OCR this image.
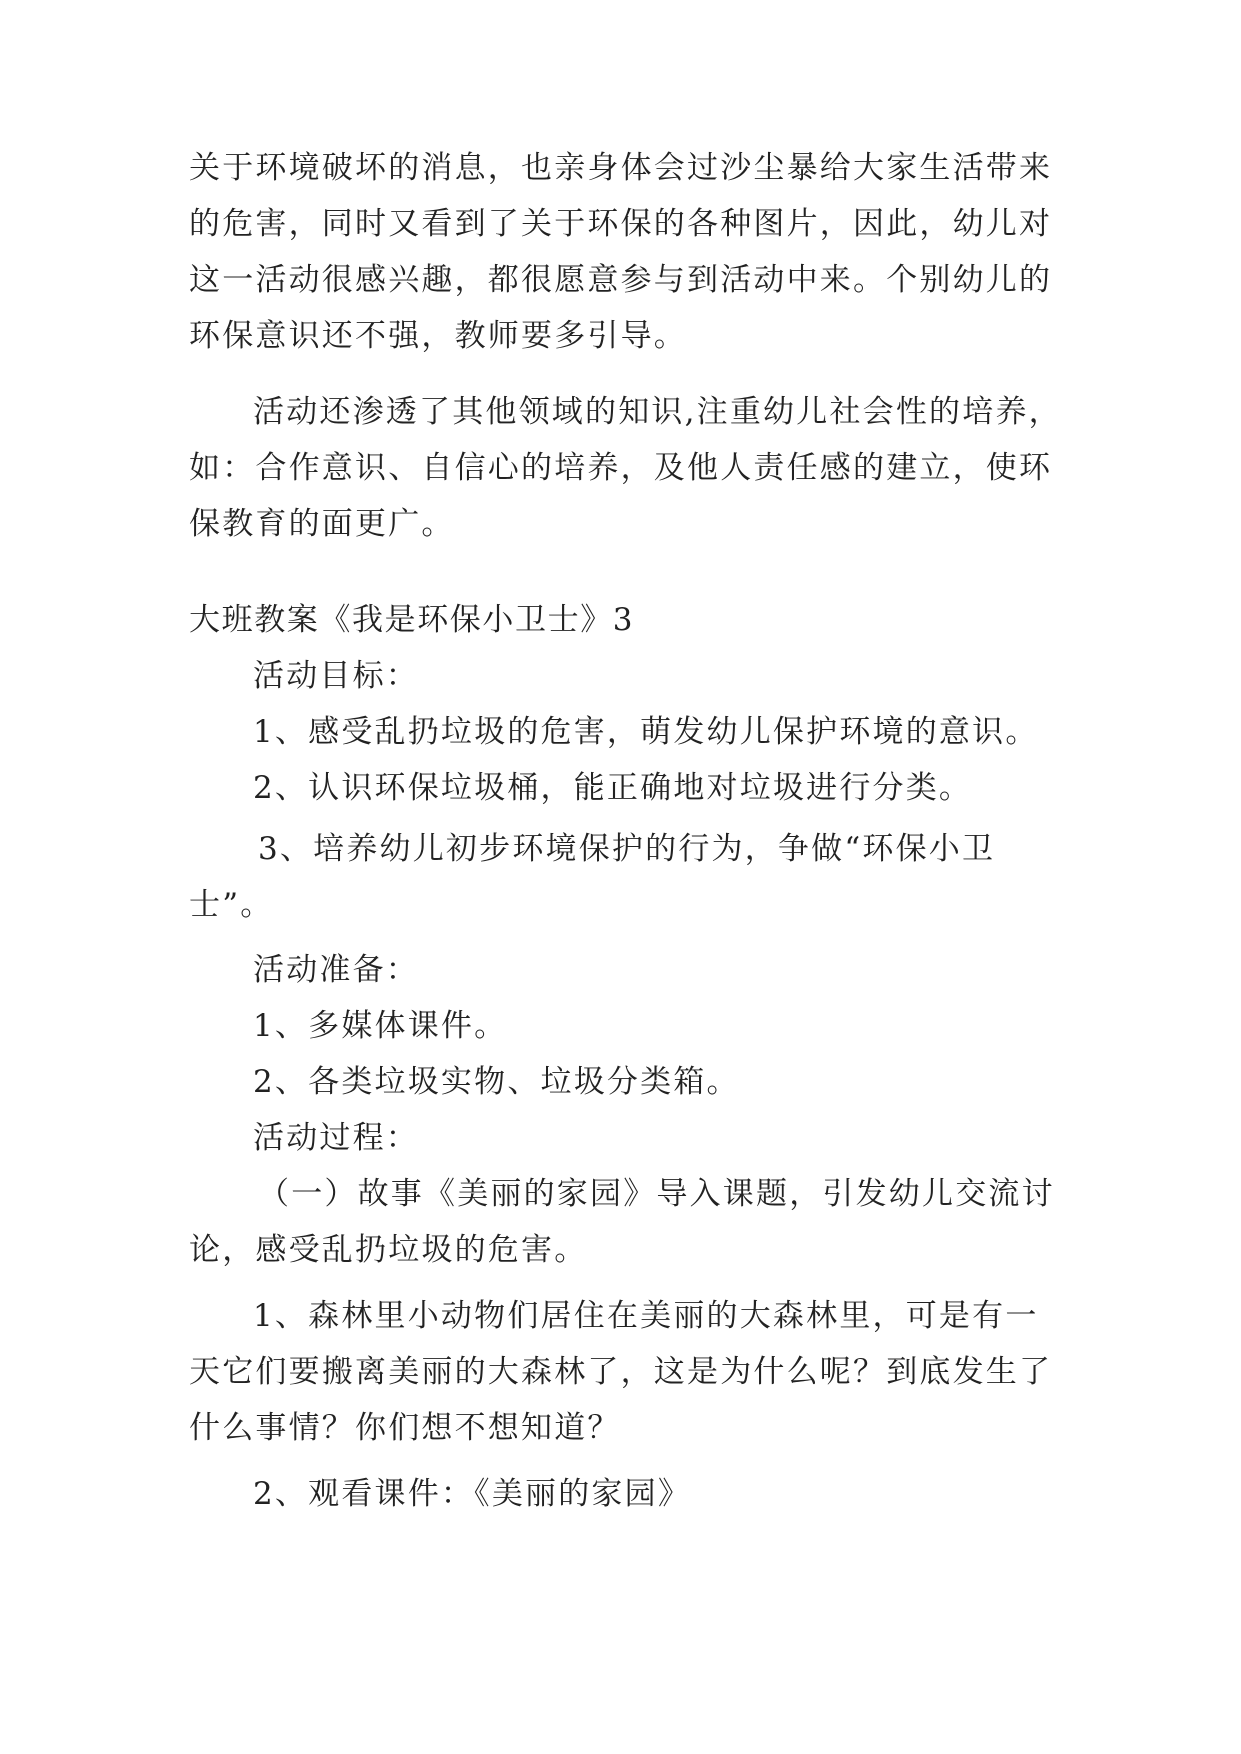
关于环境破坏的消息，也亲身体会过沙尘暴给大家生活带来
的危害，同时又看到了关于环保的各种图片，因此，幼儿对
这一活动很感兴趣，都很愿意参与到活动中来。个别幼儿的
环保意识还不强，教师要多引导。
活动还渗透了其他领域的知识,注重幼儿社会性的培养，
如：合作意识、自信心的培养，及他人责任感的建立，使环
保教育的面更广。
大班教案《我是环保小卫士》3
活动目标：
1、感受乱扔垃圾的危害，萌发幼儿保护环境的意识。
2、认识环保垃圾桶，能正确地对垃圾进行分类。
3、培养幼儿初步环境保护的行为，争做“环保小卫
士”。
活动准备：
1、多媒体课件。
2、各类垃圾实物、垃圾分类箱。
活动过程：
（一）故事《美丽的家园》导入课题，引发幼儿交流讨
论，感受乱扔垃圾的危害。
1、森林里小动物们居住在美丽的大森林里，可是有一
天它们要搬离美丽的大森林了，这是为什么呢？到底发生了
什么事情？你们想不想知道？
2、观看课件：《美丽的家园》
